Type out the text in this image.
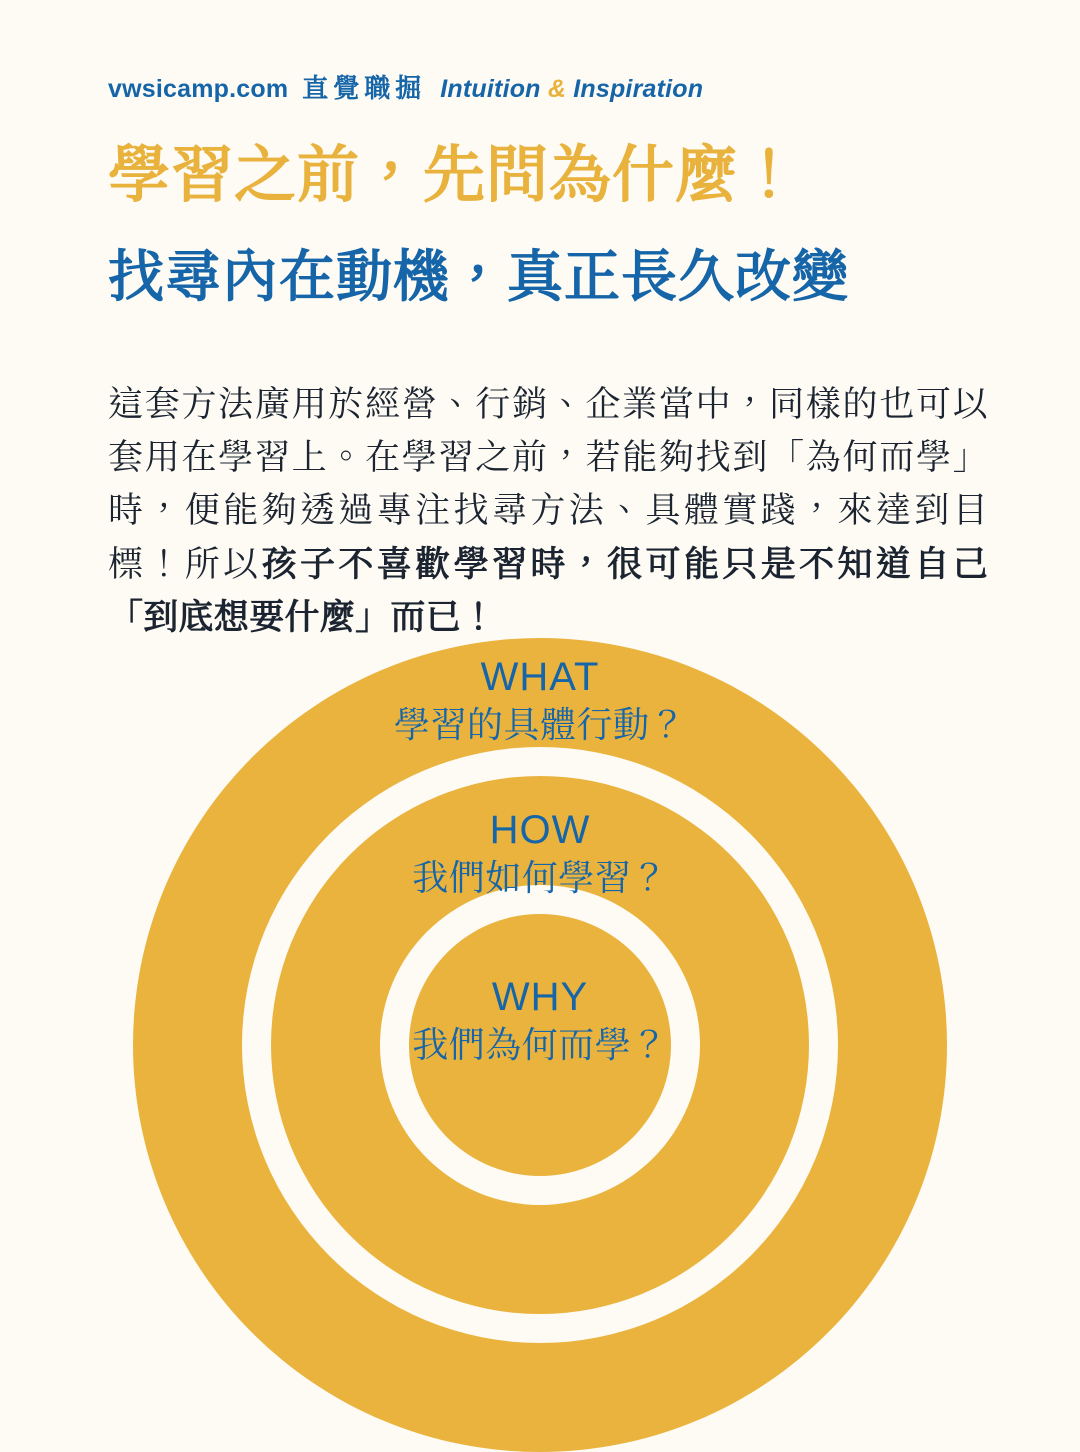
vwsicamp.com 直覺職掘 Intuition & Inspiration
學習之前，先問為什麼！
找尋內在動機，真正長久改變
這套方法廣用於經營、行銷、企業當中，同樣的也可以套用在學習上。在學習之前，若能夠找到「為何而學」時，便能夠透過專注找尋方法、具體實踐，來達到目標！所以孩子不喜歡學習時，很可能只是不知道自己「到底想要什麼」而已！
WHAT
學習的具體行動？
HOW
我們如何學習？
WHY
我們為何而學？
